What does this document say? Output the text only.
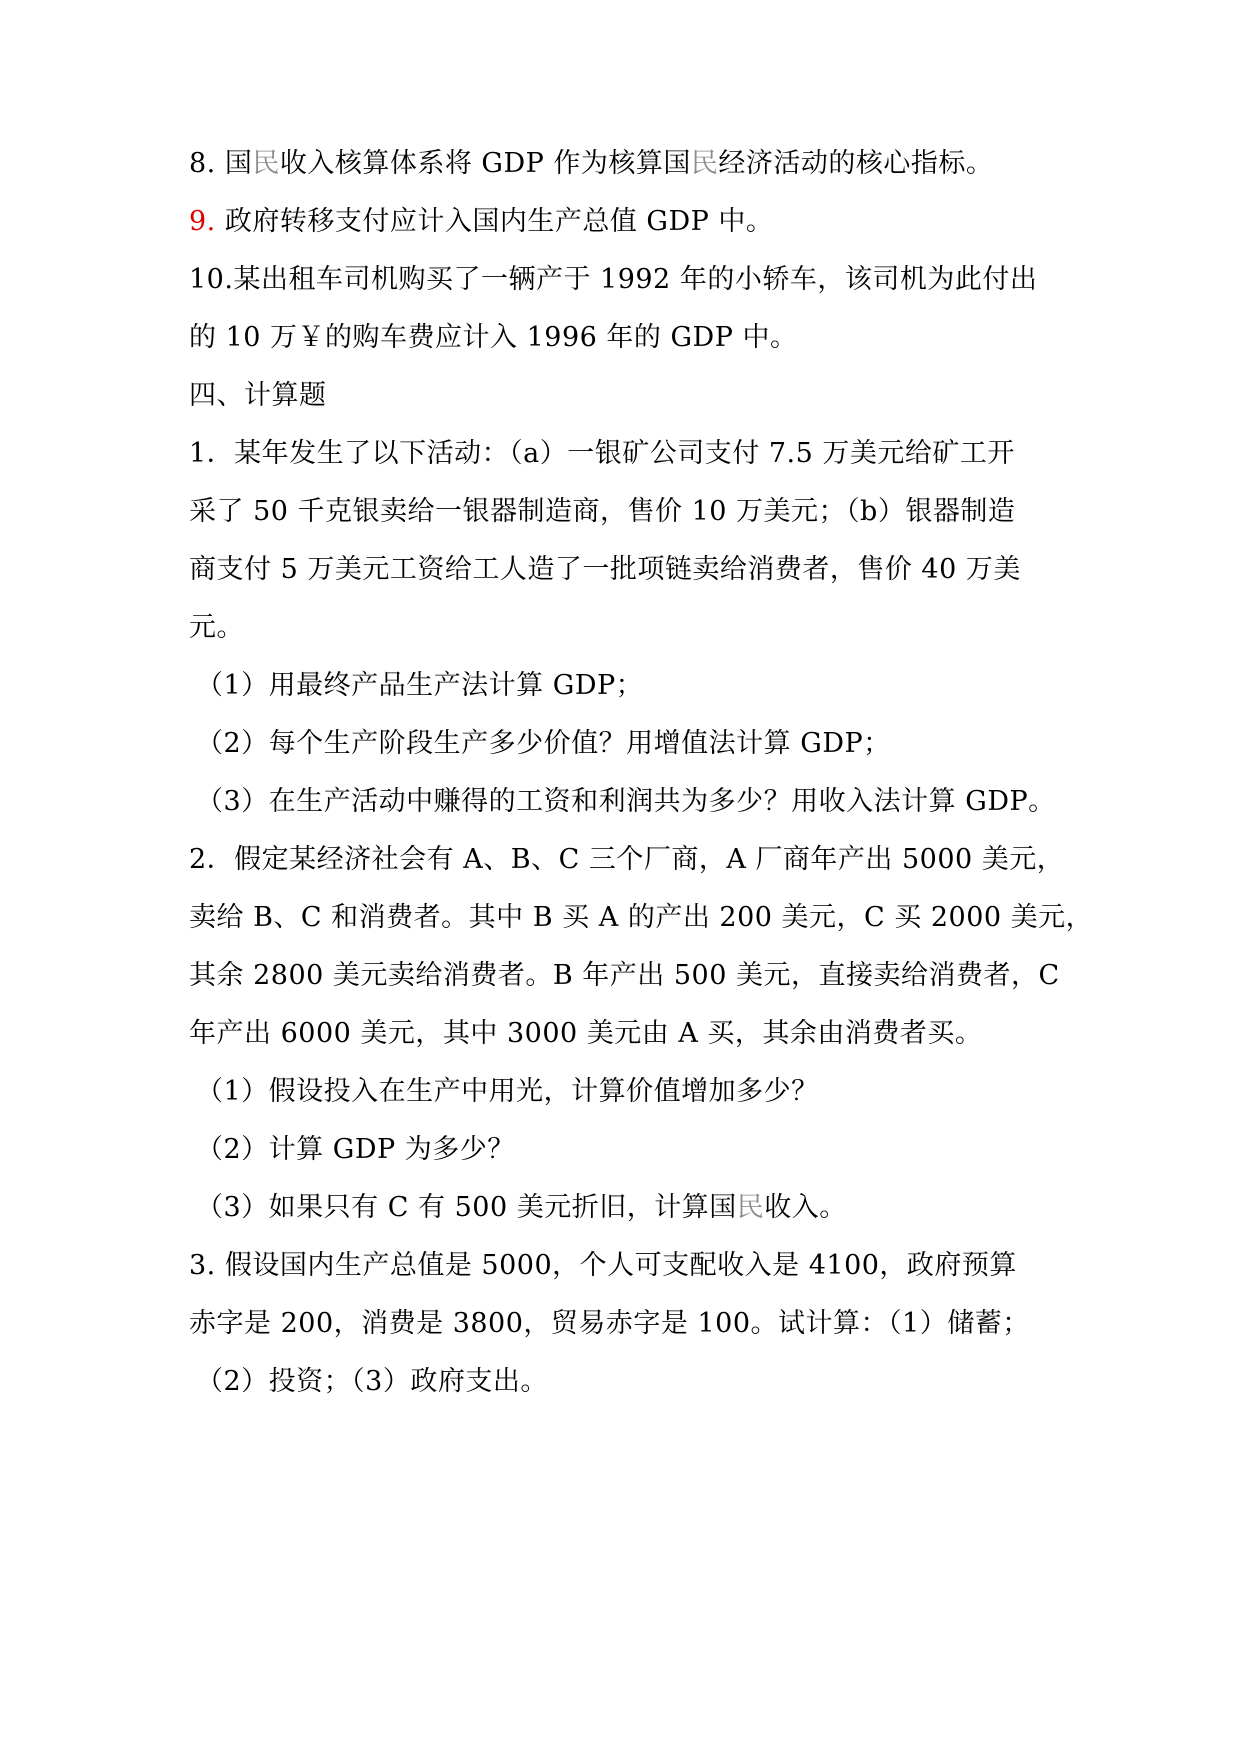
8. 国民收入核算体系将 GDP 作为核算国民经济活动的核心指标。
9. 政府转移支付应计入国内生产总值 GDP 中。
10.某出租车司机购买了一辆产于 1992 年的小轿车，该司机为此付出
的 10 万￥的购车费应计入 1996 年的 GDP 中。
四、计算题
1．某年发生了以下活动：（a）一银矿公司支付 7.5 万美元给矿工开
采了 50 千克银卖给一银器制造商，售价 10 万美元；（b）银器制造
商支付 5 万美元工资给工人造了一批项链卖给消费者，售价 40 万美
元。
（1）用最终产品生产法计算 GDP；
（2）每个生产阶段生产多少价值？用增值法计算 GDP；
（3）在生产活动中赚得的工资和利润共为多少？用收入法计算 GDP。
2．假定某经济社会有 A、B、C 三个厂商，A 厂商年产出 5000 美元，
卖给 B、C 和消费者。其中 B 买 A 的产出 200 美元，C 买 2000 美元，
其余 2800 美元卖给消费者。B 年产出 500 美元，直接卖给消费者，C
年产出 6000 美元，其中 3000 美元由 A 买，其余由消费者买。
（1）假设投入在生产中用光，计算价值增加多少？
（2）计算 GDP 为多少？
（3）如果只有 C 有 500 美元折旧，计算国民收入。
3. 假设国内生产总值是 5000，个人可支配收入是 4100，政府预算
赤字是 200，消费是 3800，贸易赤字是 100。试计算：（1）储蓄；
（2）投资；（3）政府支出。
